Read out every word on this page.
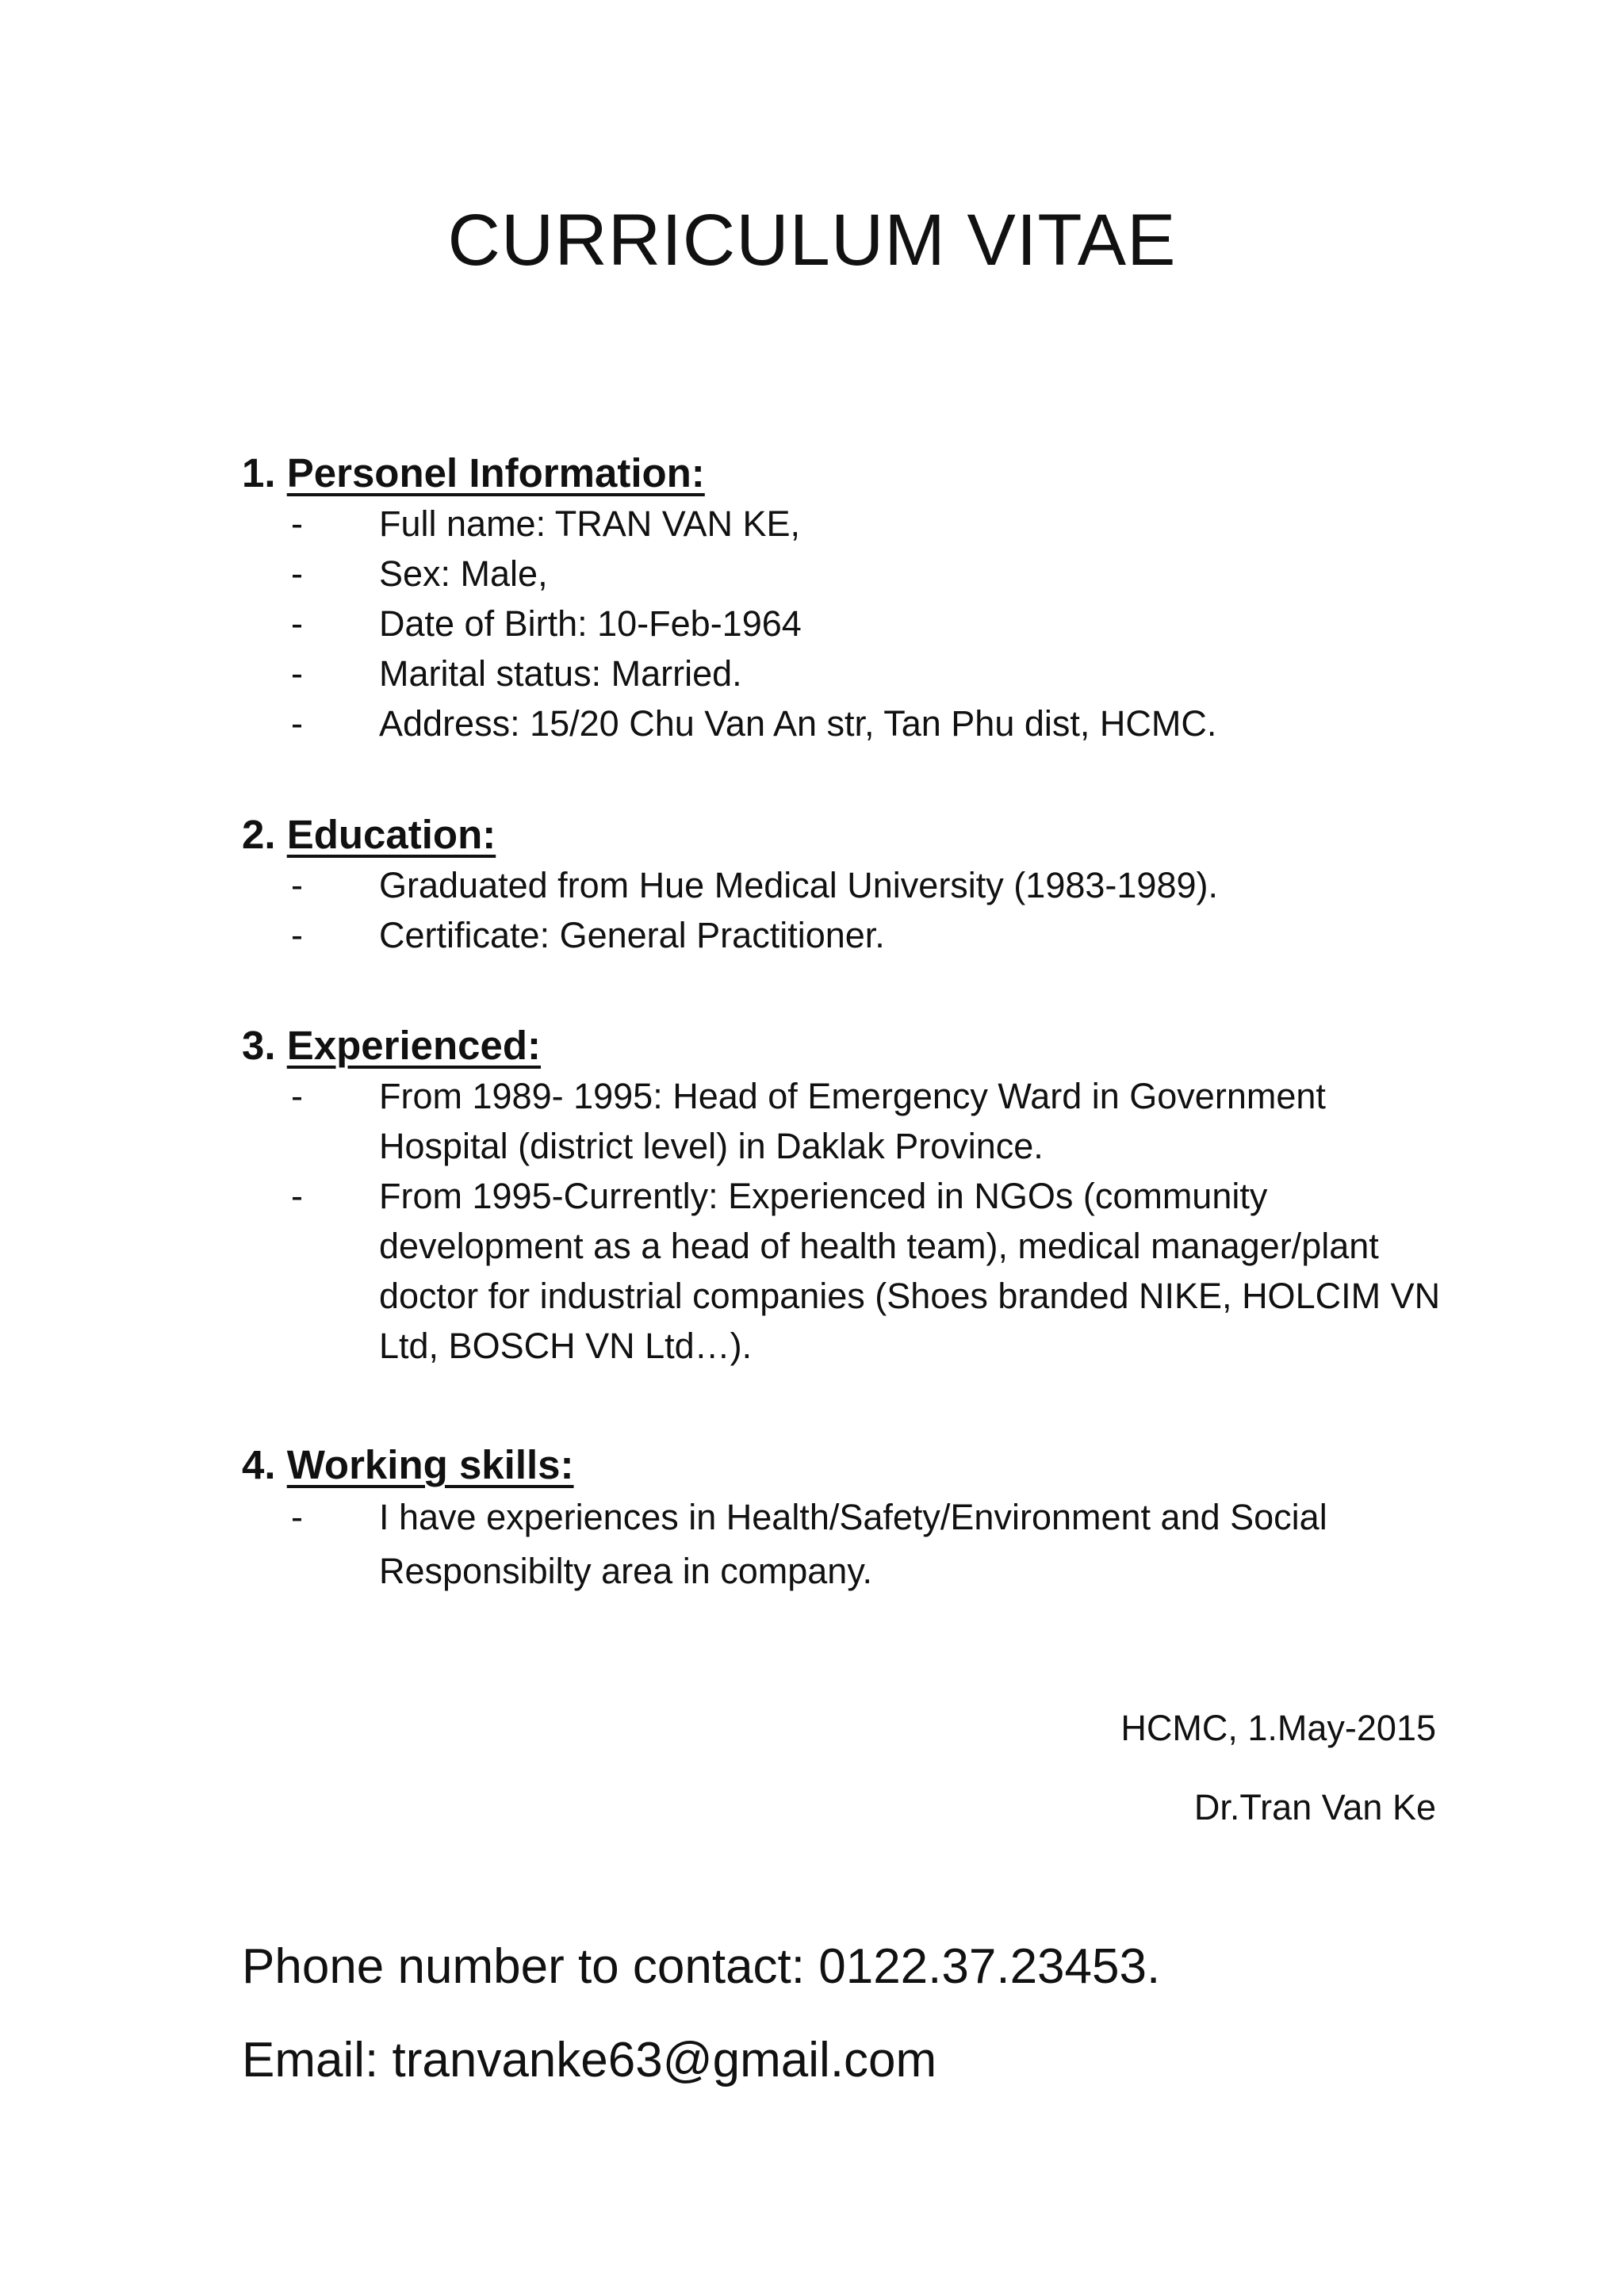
CURRICULUM VITAE
1. Personel Information:
- Full name: TRAN VAN KE,
- Sex: Male,
- Date of Birth: 10-Feb-1964
- Marital status: Married.
- Address: 15/20 Chu Van An str, Tan Phu dist, HCMC.
2. Education:
- Graduated from Hue Medical University (1983-1989).
- Certificate: General Practitioner.
3. Experienced:
- From 1989- 1995: Head of Emergency Ward in Government Hospital (district level) in Daklak Province.
- From 1995-Currently: Experienced in NGOs (community development as a head of health team), medical manager/plant doctor for industrial companies (Shoes branded NIKE, HOLCIM VN Ltd, BOSCH VN Ltd…).
4. Working skills:
- I have experiences in Health/Safety/Environment and Social Responsibilty area in company.
HCMC, 1.May-2015
Dr.Tran Van Ke
Phone number to contact: 0122.37.23453.
Email: tranvanke63@gmail.com
